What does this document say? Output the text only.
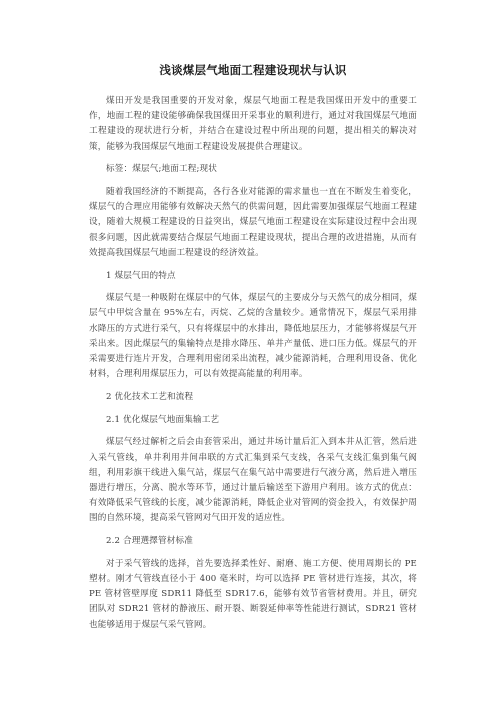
浅谈煤层气地面工程建设现状与认识

煤田开发是我国重要的开发对象，煤层气地面工程是我国煤田开发中的重要工作，地面工程的建设能够确保我国煤田开采事业的顺利进行，通过对我国煤层气地面工程建设的现状进行分析，并结合在建设过程中所出现的问题，提出相关的解决对策，能够为我国煤层气地面工程建设发展提供合理建议。

标签：煤层气;地面工程;现状

随着我国经济的不断提高，各行各业对能源的需求量也一直在不断发生着变化，煤层气的合理应用能够有效解决天然气的供需问题，因此需要加强煤层气地面工程建设，随着大规模工程建设的日益突出，煤层气地面工程建设在实际建设过程中会出现很多问题，因此就需要结合煤层气地面工程建设现状，提出合理的改进措施，从而有效提高我国煤层气地面工程建设的经济效益。

1 煤层气田的特点

煤层气是一种吸附在煤层中的气体，煤层气的主要成分与天然气的成分相同，煤层气中甲烷含量在 95%左右，丙烷、乙烷的含量较少。通常情况下，煤层气采用排水降压的方式进行采气，只有将煤层中的水排出，降低地层压力，才能够将煤层气开采出来。因此煤层气的集输特点是排水降压、单井产量低、进口压力低。煤层气的开采需要进行连片开发，合理利用密闭采出流程，减少能源消耗，合理利用设备、优化材料，合理利用煤层压力，可以有效提高能量的利用率。

2 优化技术工艺和流程

2.1 优化煤层气地面集输工艺

煤层气经过解析之后会由套管采出，通过井场计量后汇入到本井从汇管，然后进入采气管线，单井利用井间串联的方式汇集到采气支线，各采气支线汇集到集气阀组，利用彩旗干线进入集气站，煤层气在集气站中需要进行气液分离，然后进入增压器进行增压，分离、脱水等环节，通过计量后输送至下游用户利用。该方式的优点：有效降低采气管线的长度，减少能源消耗，降低企业对管网的资金投入，有效保护周围的自然环境，提高采气管网对气田开发的适应性。

2.2 合理選擇管材标准

对于采气管线的选择，首先要选择柔性好、耐磨、施工方便、使用周期长的 PE 塑材。刚才气管线直径小于 400 毫米时，均可以选择 PE 管材进行连接，其次，将 PE 管材管壁厚度 SDR11 降低至 SDR17.6，能够有效节省管材费用。并且，研究团队对 SDR21 管材的静液压、耐开裂、断裂延伸率等性能进行测试，SDR21 管材也能够适用于煤层气采气管网。
